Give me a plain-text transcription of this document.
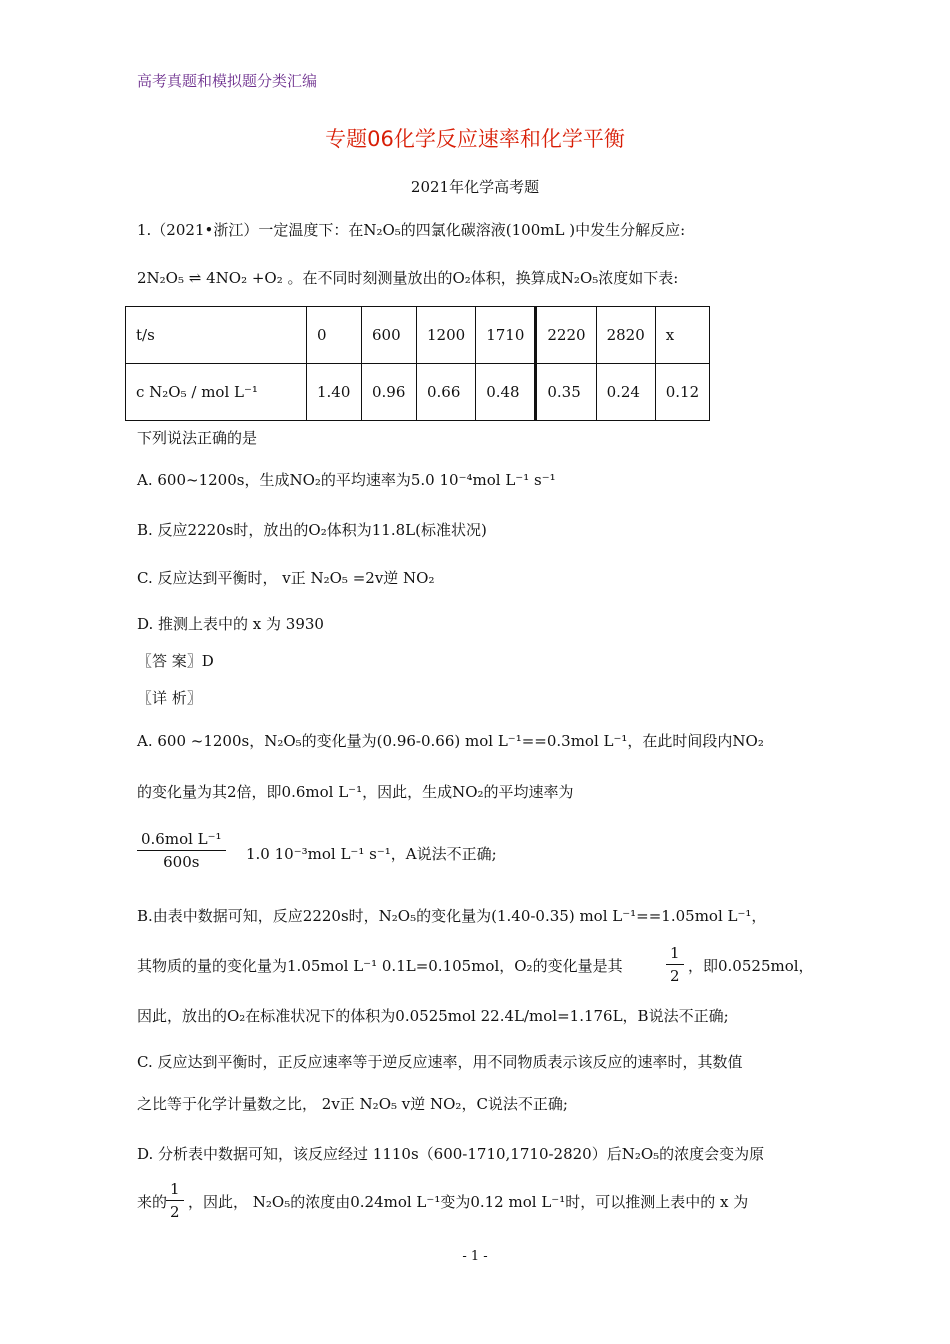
高考真题和模拟题分类汇编
专题06化学反应速率和化学平衡
2021年化学高考题
1.（2021•浙江）一定温度下：在N₂O₅的四氯化碳溶液(100mL )中发生分解反应:
2N₂O₅ ⇌ 4NO₂ +O₂ 。在不同时刻测量放出的O₂体积，换算成N₂O₅浓度如下表:
t/s	0	600	1200	1710	2220	2820	x
c N₂O₅ / mol L⁻¹	1.40	0.96	0.66	0.48	0.35	0.24	0.12
下列说法正确的是
A. 600~1200s，生成NO₂的平均速率为5.0 10⁻⁴mol L⁻¹ s⁻¹
B. 反应2220s时，放出的O₂体积为11.8L(标准状况)
C. 反应达到平衡时， v正 N₂O₅ =2v逆 NO₂
D. 推测上表中的 x 为 3930
〖答 案〗D
〖详 析〗
A. 600 ~1200s，N₂O₅的变化量为(0.96-0.66) mol L⁻¹==0.3mol L⁻¹，在此时间段内NO₂
的变化量为其2倍，即0.6mol L⁻¹，因此，生成NO₂的平均速率为
0.6mol L⁻¹
600s	1.0 10⁻³mol L⁻¹ s⁻¹，A说法不正确;
B.由表中数据可知，反应2220s时，N₂O₅的变化量为(1.40-0.35) mol L⁻¹==1.05mol L⁻¹，
其物质的量的变化量为1.05mol L⁻¹ 0.1L=0.105mol，O₂的变化量是其	$\frac{1}{2}$ ，即0.0525mol，
因此，放出的O₂在标准状况下的体积为0.0525mol 22.4L/mol=1.176L，B说法不正确;
C. 反应达到平衡时，正反应速率等于逆反应速率，用不同物质表示该反应的速率时，其数值
之比等于化学计量数之比， 2v正 N₂O₅ v逆 NO₂，C说法不正确;
D. 分析表中数据可知，该反应经过 1110s（600-1710,1710-2820）后N₂O₅的浓度会变为原
来的
$\frac{1}{2}$ ，因此， N₂O₅的浓度由0.24mol L⁻¹变为0.12 mol L⁻¹时，可以推测上表中的 x 为
- 1 -
